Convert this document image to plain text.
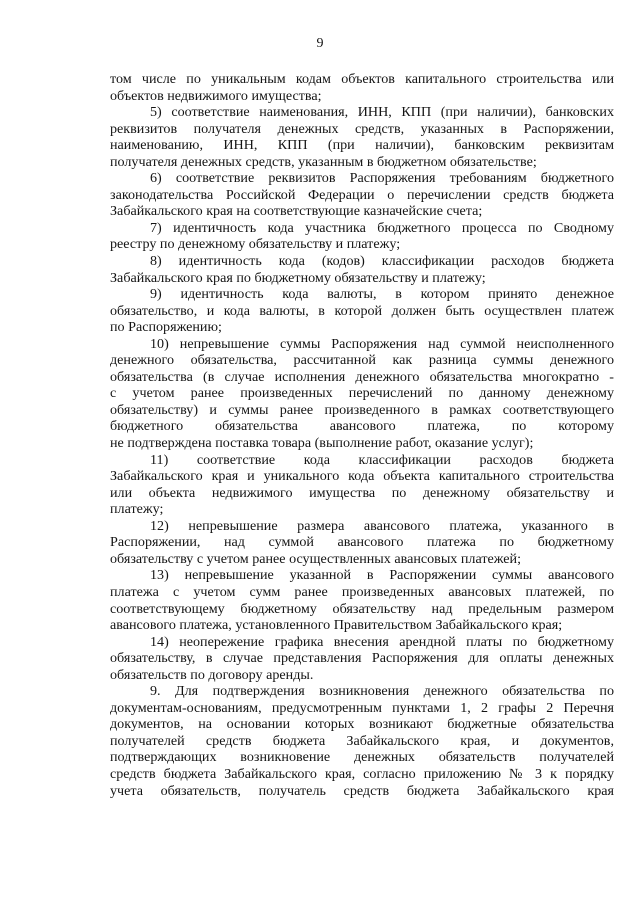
9
том числе по уникальным кодам объектов капитального строительства или
объектов недвижимого имущества;
5) соответствие наименования, ИНН, КПП (при наличии), банковских
реквизитов получателя денежных средств, указанных в Распоряжении,
наименованию, ИНН, КПП (при наличии), банковским реквизитам
получателя денежных средств, указанным в бюджетном обязательстве;
6) соответствие реквизитов Распоряжения требованиям бюджетного
законодательства Российской Федерации о перечислении средств бюджета
Забайкальского края на соответствующие казначейские счета;
7) идентичность кода участника бюджетного процесса по Сводному
реестру по денежному обязательству и платежу;
8) идентичность кода (кодов) классификации расходов бюджета
Забайкальского края по бюджетному обязательству и платежу;
9) идентичность кода валюты, в котором принято денежное
обязательство, и кода валюты, в которой должен быть осуществлен платеж
по Распоряжению;
10) непревышение суммы Распоряжения над суммой неисполненного
денежного обязательства, рассчитанной как разница суммы денежного
обязательства (в случае исполнения денежного обязательства многократно -
с учетом ранее произведенных перечислений по данному денежному
обязательству) и суммы ранее произведенного в рамках соответствующего
бюджетного обязательства авансового платежа, по которому
не подтверждена поставка товара (выполнение работ, оказание услуг);
11) соответствие кода классификации расходов бюджета
Забайкальского края и уникального кода объекта капитального строительства
или объекта недвижимого имущества по денежному обязательству и
платежу;
12) непревышение размера авансового платежа, указанного в
Распоряжении, над суммой авансового платежа по бюджетному
обязательству с учетом ранее осуществленных авансовых платежей;
13) непревышение указанной в Распоряжении суммы авансового
платежа с учетом сумм ранее произведенных авансовых платежей, по
соответствующему бюджетному обязательству над предельным размером
авансового платежа, установленного Правительством Забайкальского края;
14) неопережение графика внесения арендной платы по бюджетному
обязательству, в случае представления Распоряжения для оплаты денежных
обязательств по договору аренды.
9. Для подтверждения возникновения денежного обязательства по
документам-основаниям, предусмотренным пунктами 1, 2 графы 2 Перечня
документов, на основании которых возникают бюджетные обязательства
получателей средств бюджета Забайкальского края, и документов,
подтверждающих возникновение денежных обязательств получателей
средств бюджета Забайкальского края, согласно приложению № 3 к порядку
учета обязательств, получатель средств бюджета Забайкальского края
